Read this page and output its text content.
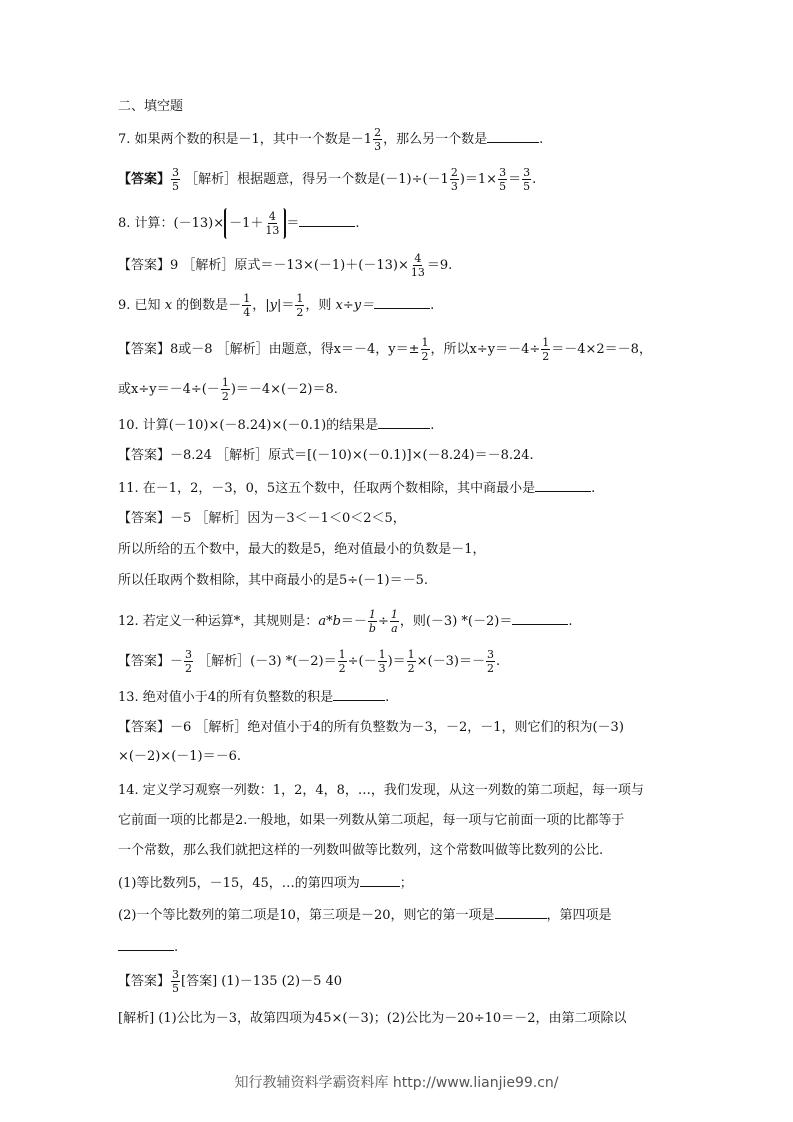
二、填空题
7. 如果两个数的积是－1，其中一个数是$-1 \frac{2}{3}$ ，那么另一个数是	.
【答案】 $\frac{3}{5}$ ［解析］根据题意，得另一个数是$(-1)\div(-1 \frac{2}{3} )=1\times \frac{3}{5} = \frac{3}{5}$ .
8. 计算：$(-13)\times -1+ \frac{4}{13}$ ＝	.
【答案】9 ［解析］原式$=-13\times(-1)+(-13)\times \frac{4}{13} =9$.
9. 已知 x 的倒数是－ $\frac{1}{4}$ ，$|y|= \frac{1}{2}$ ，则 x÷y＝	.
【答案】8或－8 ［解析］由题意，得x＝－4，$y=\pm \frac{1}{2}$ ，所以$x\div y=-4\div \frac{1}{2} =-4\times 2=-8$，
或$x\div y=-4\div(- \frac{1}{2} )=-4\times(-2)=8$.
10. 计算(－10)×(－8.24)×(－0.1)的结果是	.
【答案】－8.24 ［解析］原式＝[(－10)×(－0.1)]×(－8.24)＝－8.24.
11. 在－1，2，－3，0，5这五个数中，任取两个数相除，其中商最小是	.
【答案】－5 ［解析］因为－3＜－1＜0＜2＜5，
所以所给的五个数中，最大的数是5，绝对值最小的负数是－1，
所以任取两个数相除，其中商最小的是5÷(－1)＝－5.
12. 若定义一种运算*，其规则是：$a*b=- \frac{1}{b} \div \frac{1}{a}$ ，则(－3) *(－2)＝	.
【答案】－ $\frac{3}{2}$ ［解析］(－3) $*(-2)= \frac{1}{2}$ ÷(－ $\frac{1}{3}$ )＝ $\frac{1}{2} \times(-3)=- \frac{3}{2}$ .
13. 绝对值小于4的所有负整数的积是	.
【答案】－6 ［解析］绝对值小于4的所有负整数为－3，－2，－1，则它们的积为(－3)
×(－2)×(－1)＝－6.
14. 定义学习观察一列数：1，2，4，8，…，我们发现，从这一列数的第二项起，每一项与
它前面一项的比都是2.一般地，如果一列数从第二项起，每一项与它前面一项的比都等于
一个常数，那么我们就把这样的一列数叫做等比数列，这个常数叫做等比数列的公比.
(1)等比数列5，－15，45，…的第四项为	；
(2)一个等比数列的第二项是10，第三项是－20，则它的第一项是	，第四项是
.
【答案】 $\frac{3}{5}$ [答案] (1)－135 (2)－5 40
[解析] (1)公比为－3，故第四项为45×(－3)；(2)公比为－20÷10＝－2，由第二项除以
知行教辅资料学霸资料库 http://www.lianjie99.cn/
